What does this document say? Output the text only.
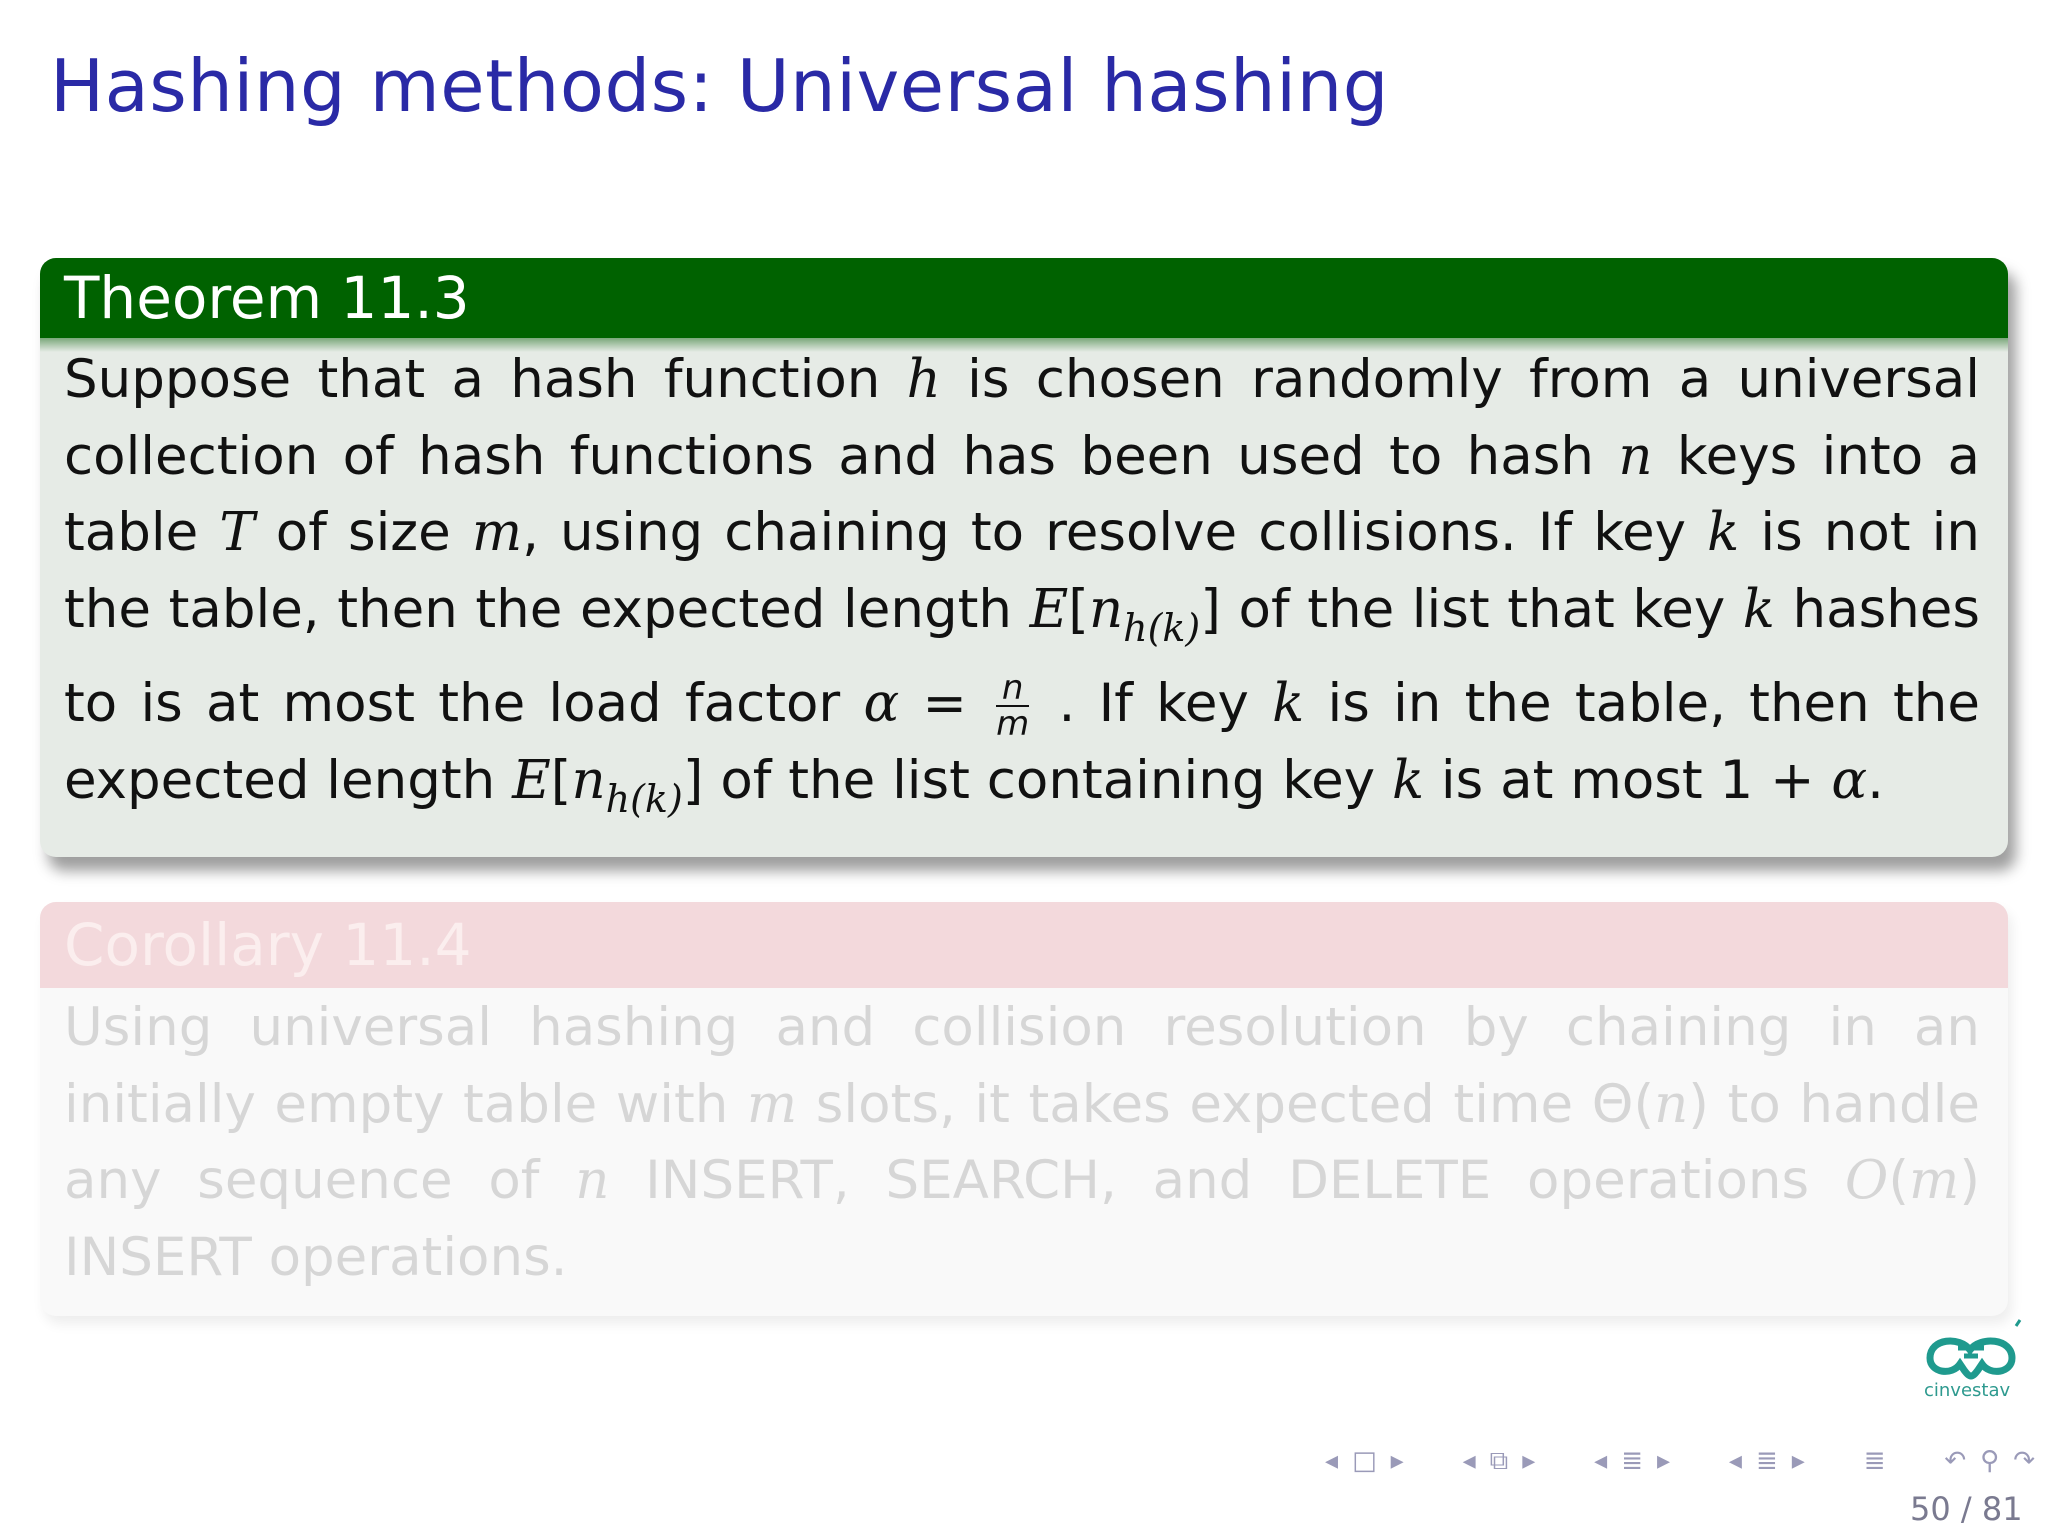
Hashing methods: Universal hashing
Theorem 11.3
Suppose that a hash function h is chosen randomly from a universal collection of hash functions and has been used to hash n keys into a table T of size m, using chaining to resolve collisions. If key k is not in the table, then the expected length $E[n_{h(k)}]$ of the list that key k hashes to is at most the load factor $\alpha = \frac{n}{m}$ . If key k is in the table, then the expected length $E[n_{h(k)}]$ of the list containing key k is at most 1 + α.
Corollary 11.4
Using universal hashing and collision resolution by chaining in an initially empty table with m slots, it takes expected time Θ(n) to handle any sequence of n INSERT, SEARCH, and DELETE operations O(m) INSERT operations.
cinvestav
◂ □ ▸ ◂ ⧉ ▸ ◂ ≣ ▸ ◂ ≣ ▸ ≣ ↶ ⚲ ↷
50 / 81
